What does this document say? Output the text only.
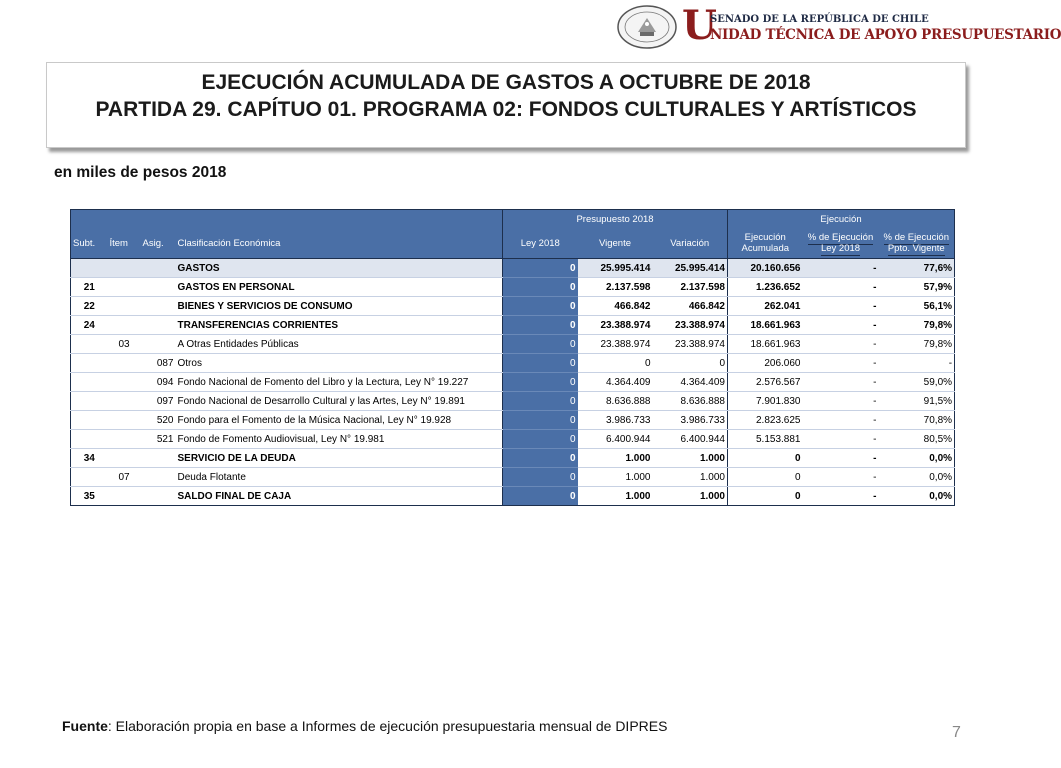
U
SENADO DE LA REPÚBLICA DE CHILE
NIDAD TÉCNICA DE APOYO PRESUPUESTARIO
EJECUCIÓN ACUMULADA DE GASTOS A OCTUBRE DE 2018
PARTIDA 29. CAPÍTUO 01. PROGRAMA 02: FONDOS CULTURALES Y ARTÍSTICOS
en miles de pesos 2018
				Presupuesto 2018			Ejecución		
Subt.	Ítem	Asig.	Clasificación Económica	Ley 2018	Vigente	Variación	Ejecución Acumulada	% de Ejecución Ley 2018	% de Ejecución Ppto. Vigente
			GASTOS	0	25.995.414	25.995.414	20.160.656	-	77,6%
21			GASTOS EN PERSONAL	0	2.137.598	2.137.598	1.236.652	-	57,9%
22			BIENES Y SERVICIOS DE CONSUMO	0	466.842	466.842	262.041	-	56,1%
24			TRANSFERENCIAS CORRIENTES	0	23.388.974	23.388.974	18.661.963	-	79,8%
	03		A Otras Entidades Públicas	0	23.388.974	23.388.974	18.661.963	-	79,8%
		087	Otros	0	0	0	206.060	-	-
		094	Fondo Nacional de Fomento del Libro y la Lectura, Ley N° 19.227	0	4.364.409	4.364.409	2.576.567	-	59,0%
		097	Fondo Nacional de Desarrollo Cultural y las Artes, Ley N° 19.891	0	8.636.888	8.636.888	7.901.830	-	91,5%
		520	Fondo para el Fomento de la Música Nacional, Ley N° 19.928	0	3.986.733	3.986.733	2.823.625	-	70,8%
		521	Fondo de Fomento Audiovisual, Ley N° 19.981	0	6.400.944	6.400.944	5.153.881	-	80,5%
34			SERVICIO DE LA DEUDA	0	1.000	1.000	0	-	0,0%
	07		Deuda Flotante	0	1.000	1.000	0	-	0,0%
35			SALDO FINAL DE CAJA	0	1.000	1.000	0	-	0,0%
Fuente: Elaboración propia en base a Informes de ejecución presupuestaria mensual de DIPRES	7
